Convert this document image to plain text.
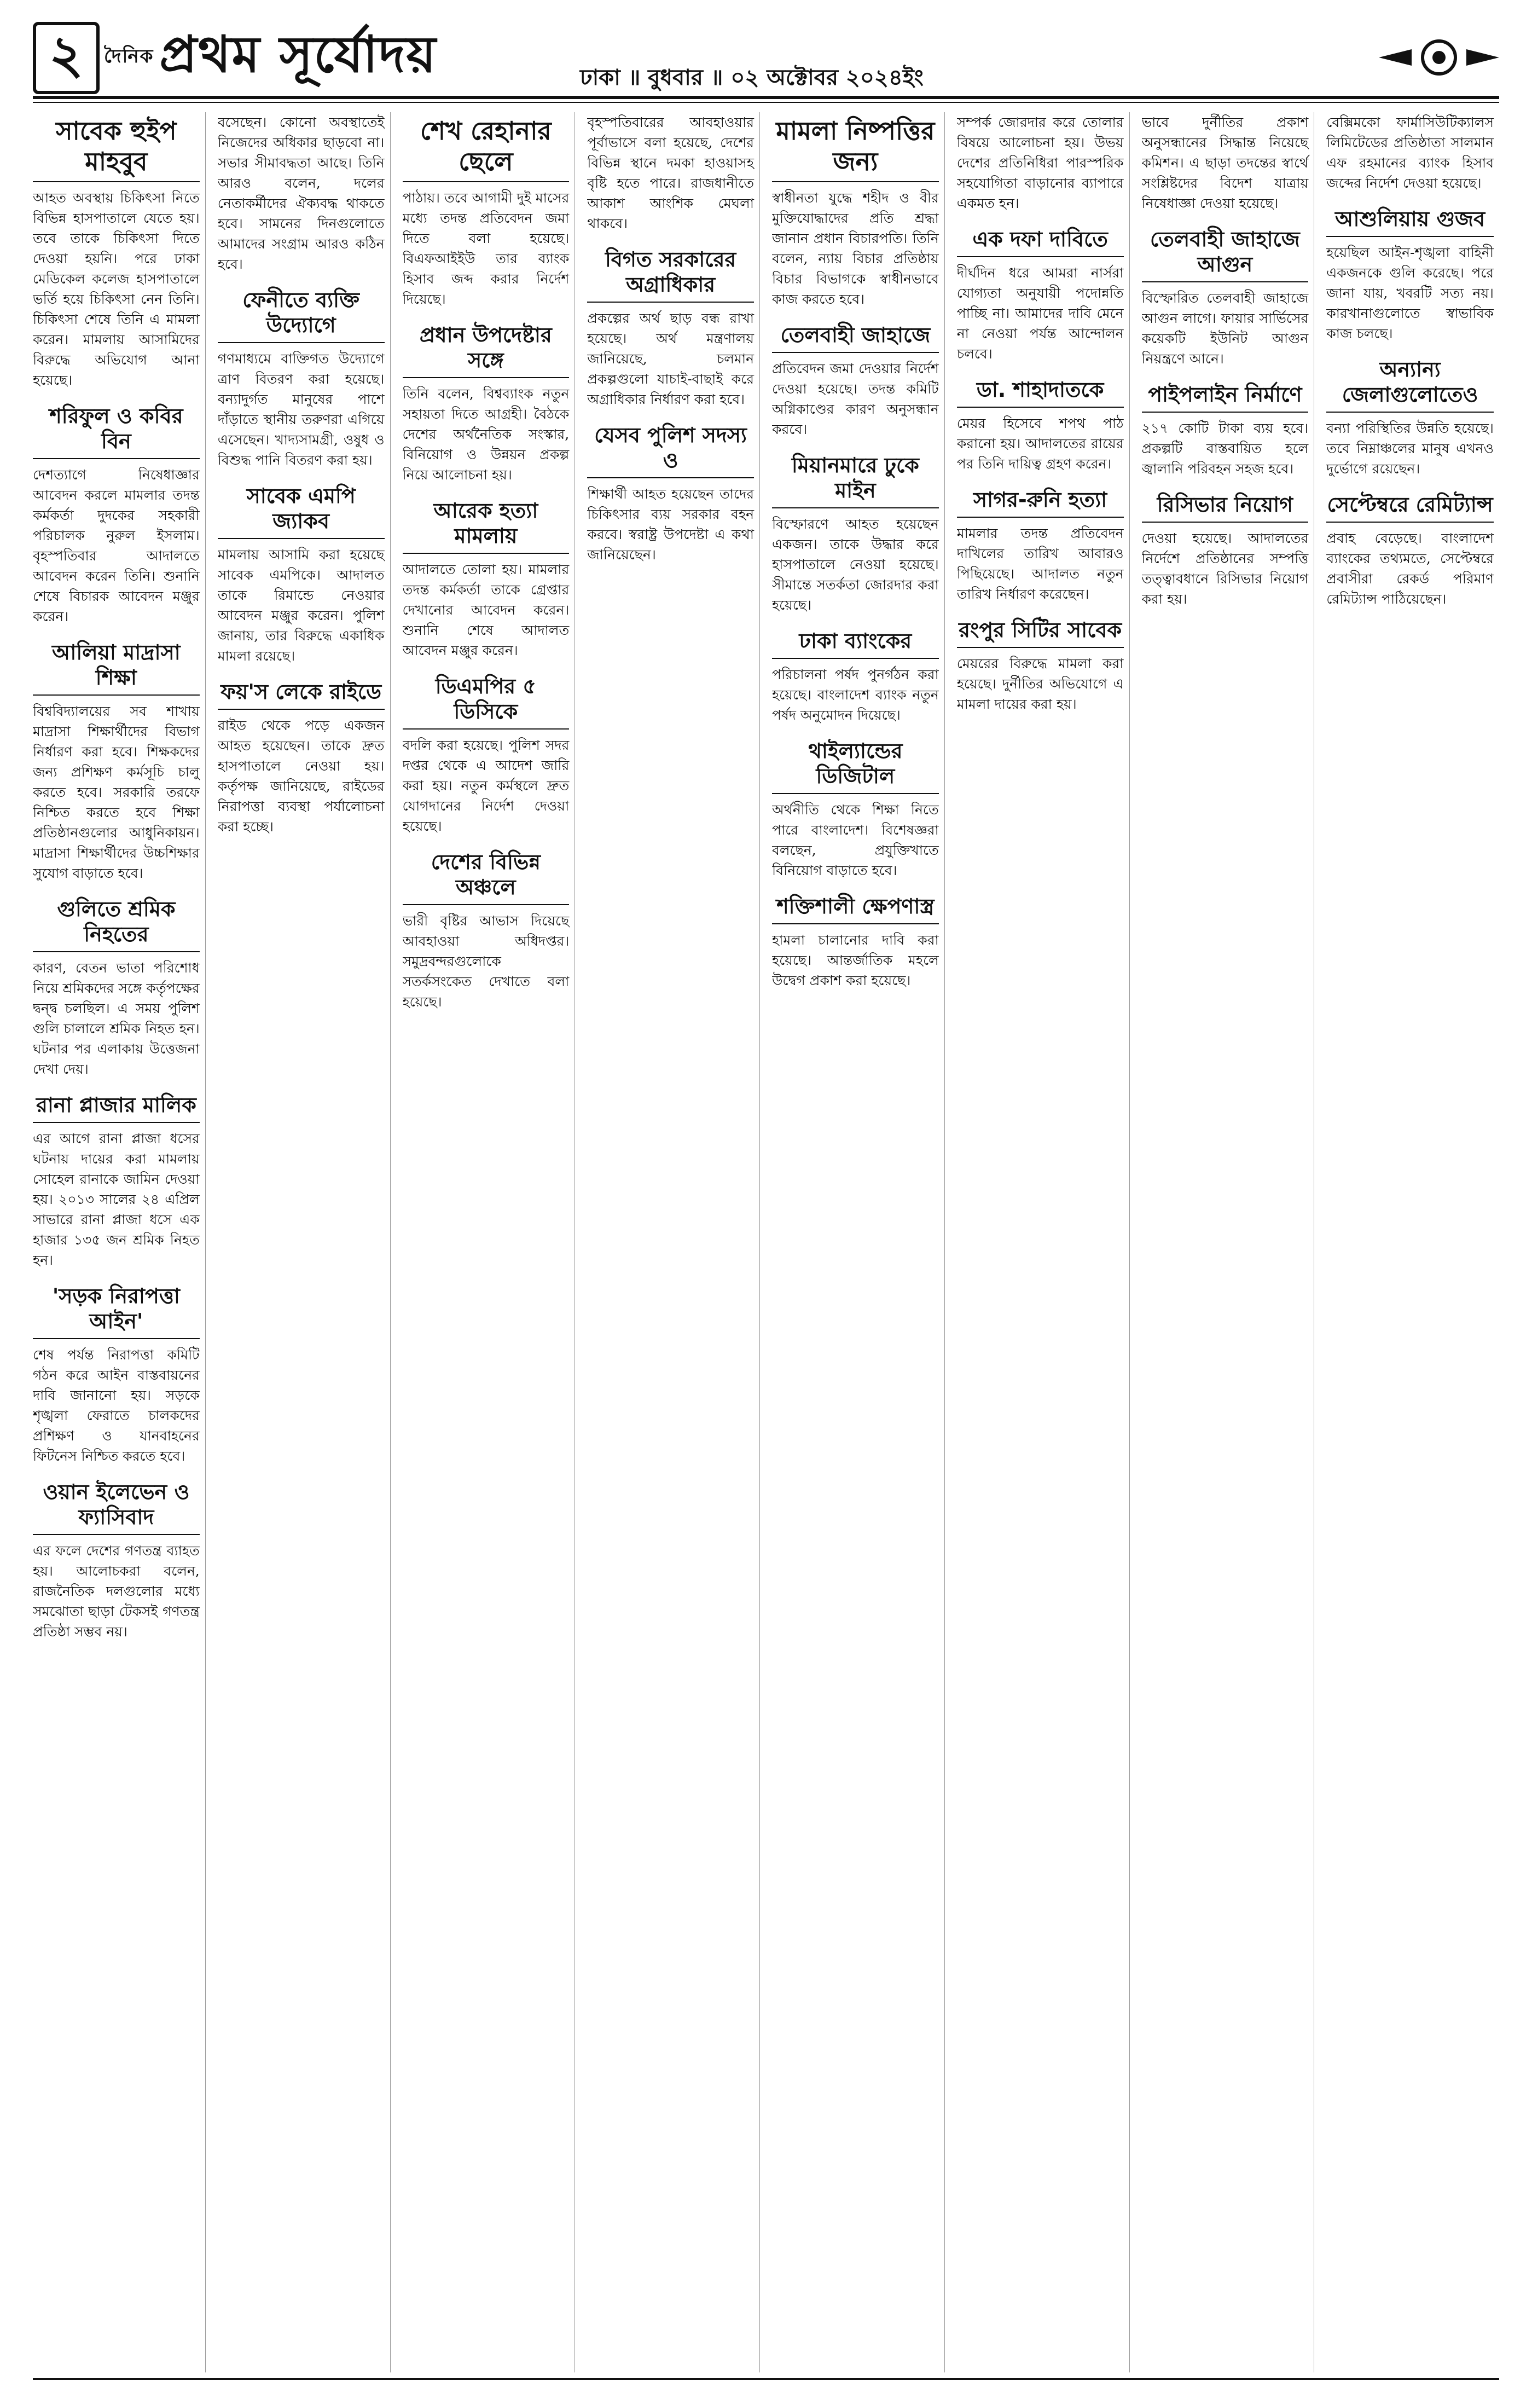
২	দৈনিক প্রথম সূর্যোদয়	ঢাকা ॥ বুধবার ॥ ০২ অক্টোবর ২০২৪ইং
সাবেক হুইপ মাহবুব

আহত অবস্থায় চিকিৎসা নিতে বিভিন্ন হাসপাতালে যেতে হয়। তবে তাকে চিকিৎসা দিতে দেওয়া হয়নি। পরে ঢাকা মেডিকেল কলেজ হাসপাতালে ভর্তি হয়ে চিকিৎসা নেন তিনি। চিকিৎসা শেষে তিনি এ মামলা করেন। মামলায় আসামিদের বিরুদ্ধে অভিযোগ আনা হয়েছে।

শরিফুল ও কবির বিন

দেশত্যাগে নিষেধাজ্ঞার আবেদন করলে মামলার তদন্ত কর্মকর্তা দুদকের সহকারী পরিচালক নুরুল ইসলাম। বৃহস্পতিবার আদালতে আবেদন করেন তিনি। শুনানি শেষে বিচারক আবেদন মঞ্জুর করেন।

আলিয়া মাদ্রাসা শিক্ষা

বিশ্ববিদ্যালয়ের সব শাখায় মাদ্রাসা শিক্ষার্থীদের বিভাগ নির্ধারণ করা হবে। শিক্ষকদের জন্য প্রশিক্ষণ কর্মসূচি চালু করতে হবে। সরকারি তরফে নিশ্চিত করতে হবে শিক্ষা প্রতিষ্ঠানগুলোর আধুনিকায়ন। মাদ্রাসা শিক্ষার্থীদের উচ্চশিক্ষার সুযোগ বাড়াতে হবে।

গুলিতে শ্রমিক নিহতের

কারণ, বেতন ভাতা পরিশোধ নিয়ে শ্রমিকদের সঙ্গে কর্তৃপক্ষের দ্বন্দ্ব চলছিল। এ সময় পুলিশ গুলি চালালে শ্রমিক নিহত হন। ঘটনার পর এলাকায় উত্তেজনা দেখা দেয়।

রানা প্লাজার মালিক

এর আগে রানা প্লাজা ধসের ঘটনায় দায়ের করা মামলায় সোহেল রানাকে জামিন দেওয়া হয়। ২০১৩ সালের ২৪ এপ্রিল সাভারে রানা প্লাজা ধসে এক হাজার ১৩৫ জন শ্রমিক নিহত হন।

'সড়ক নিরাপত্তা আইন'

শেষ পর্যন্ত নিরাপত্তা কমিটি গঠন করে আইন বাস্তবায়নের দাবি জানানো হয়। সড়কে শৃঙ্খলা ফেরাতে চালকদের প্রশিক্ষণ ও যানবাহনের ফিটনেস নিশ্চিত করতে হবে।

ওয়ান ইলেভেন ও ফ্যাসিবাদ

এর ফলে দেশের গণতন্ত্র ব্যাহত হয়। আলোচকরা বলেন, রাজনৈতিক দলগুলোর মধ্যে সমঝোতা ছাড়া টেকসই গণতন্ত্র প্রতিষ্ঠা সম্ভব নয়।

বসেছেন। কোনো অবস্থাতেই নিজেদের অধিকার ছাড়বো না। সভার সীমাবদ্ধতা আছে। তিনি আরও বলেন, দলের নেতাকর্মীদের ঐক্যবদ্ধ থাকতে হবে। সামনের দিনগুলোতে আমাদের সংগ্রাম আরও কঠিন হবে।

ফেনীতে ব্যক্তি উদ্যোগে

গণমাধ্যমে বাক্তিগত উদ্যোগে ত্রাণ বিতরণ করা হয়েছে। বন্যাদুর্গত মানুষের পাশে দাঁড়াতে স্থানীয় তরুণরা এগিয়ে এসেছেন। খাদ্যসামগ্রী, ওষুধ ও বিশুদ্ধ পানি বিতরণ করা হয়।

সাবেক এমপি জ্যাকব

মামলায় আসামি করা হয়েছে সাবেক এমপিকে। আদালত তাকে রিমান্ডে নেওয়ার আবেদন মঞ্জুর করেন। পুলিশ জানায়, তার বিরুদ্ধে একাধিক মামলা রয়েছে।

ফয়'স লেকে রাইডে

রাইড থেকে পড়ে একজন আহত হয়েছেন। তাকে দ্রুত হাসপাতালে নেওয়া হয়। কর্তৃপক্ষ জানিয়েছে, রাইডের নিরাপত্তা ব্যবস্থা পর্যালোচনা করা হচ্ছে।

শেখ রেহানার ছেলে

পাঠায়। তবে আগামী দুই মাসের মধ্যে তদন্ত প্রতিবেদন জমা দিতে বলা হয়েছে। বিএফআইইউ তার ব্যাংক হিসাব জব্দ করার নির্দেশ দিয়েছে।

প্রধান উপদেষ্টার সঙ্গে

তিনি বলেন, বিশ্বব্যাংক নতুন সহায়তা দিতে আগ্রহী। বৈঠকে দেশের অর্থনৈতিক সংস্কার, বিনিয়োগ ও উন্নয়ন প্রকল্প নিয়ে আলোচনা হয়।

আরেক হত্যা মামলায়

আদালতে তোলা হয়। মামলার তদন্ত কর্মকর্তা তাকে গ্রেপ্তার দেখানোর আবেদন করেন। শুনানি শেষে আদালত আবেদন মঞ্জুর করেন।

ডিএমপির ৫ ডিসিকে

বদলি করা হয়েছে। পুলিশ সদর দপ্তর থেকে এ আদেশ জারি করা হয়। নতুন কর্মস্থলে দ্রুত যোগদানের নির্দেশ দেওয়া হয়েছে।

দেশের বিভিন্ন অঞ্চলে

ভারী বৃষ্টির আভাস দিয়েছে আবহাওয়া অধিদপ্তর। সমুদ্রবন্দরগুলোকে সতর্কসংকেত দেখাতে বলা হয়েছে।

বৃহস্পতিবারের আবহাওয়ার পূর্বাভাসে বলা হয়েছে, দেশের বিভিন্ন স্থানে দমকা হাওয়াসহ বৃষ্টি হতে পারে। রাজধানীতে আকাশ আংশিক মেঘলা থাকবে।

বিগত সরকারের অগ্রাধিকার

প্রকল্পের অর্থ ছাড় বন্ধ রাখা হয়েছে। অর্থ মন্ত্রণালয় জানিয়েছে, চলমান প্রকল্পগুলো যাচাই-বাছাই করে অগ্রাধিকার নির্ধারণ করা হবে।

যেসব পুলিশ সদস্য ও

শিক্ষার্থী আহত হয়েছেন তাদের চিকিৎসার ব্যয় সরকার বহন করবে। স্বরাষ্ট্র উপদেষ্টা এ কথা জানিয়েছেন।

মামলা নিষ্পত্তির জন্য

স্বাধীনতা যুদ্ধে শহীদ ও বীর মুক্তিযোদ্ধাদের প্রতি শ্রদ্ধা জানান প্রধান বিচারপতি। তিনি বলেন, ন্যায় বিচার প্রতিষ্ঠায় বিচার বিভাগকে স্বাধীনভাবে কাজ করতে হবে।

তেলবাহী জাহাজে

প্রতিবেদন জমা দেওয়ার নির্দেশ দেওয়া হয়েছে। তদন্ত কমিটি অগ্নিকাণ্ডের কারণ অনুসন্ধান করবে।

মিয়ানমারে ঢুকে মাইন

বিস্ফোরণে আহত হয়েছেন একজন। তাকে উদ্ধার করে হাসপাতালে নেওয়া হয়েছে। সীমান্তে সতর্কতা জোরদার করা হয়েছে।

ঢাকা ব্যাংকের

পরিচালনা পর্ষদ পুনর্গঠন করা হয়েছে। বাংলাদেশ ব্যাংক নতুন পর্ষদ অনুমোদন দিয়েছে।

থাইল্যান্ডের ডিজিটাল

অর্থনীতি থেকে শিক্ষা নিতে পারে বাংলাদেশ। বিশেষজ্ঞরা বলছেন, প্রযুক্তিখাতে বিনিয়োগ বাড়াতে হবে।

শক্তিশালী ক্ষেপণাস্ত্র

হামলা চালানোর দাবি করা হয়েছে। আন্তর্জাতিক মহলে উদ্বেগ প্রকাশ করা হয়েছে।

সম্পর্ক জোরদার করে তোলার বিষয়ে আলোচনা হয়। উভয় দেশের প্রতিনিধিরা পারস্পরিক সহযোগিতা বাড়ানোর ব্যাপারে একমত হন।

এক দফা দাবিতে

দীর্ঘদিন ধরে আমরা নার্সরা যোগ্যতা অনুযায়ী পদোন্নতি পাচ্ছি না। আমাদের দাবি মেনে না নেওয়া পর্যন্ত আন্দোলন চলবে।

ডা. শাহাদাতকে

মেয়র হিসেবে শপথ পাঠ করানো হয়। আদালতের রায়ের পর তিনি দায়িত্ব গ্রহণ করেন।

সাগর-রুনি হত্যা

মামলার তদন্ত প্রতিবেদন দাখিলের তারিখ আবারও পিছিয়েছে। আদালত নতুন তারিখ নির্ধারণ করেছেন।

রংপুর সিটির সাবেক

মেয়রের বিরুদ্ধে মামলা করা হয়েছে। দুর্নীতির অভিযোগে এ মামলা দায়ের করা হয়।

ভাবে দুর্নীতির প্রকাশ অনুসন্ধানের সিদ্ধান্ত নিয়েছে কমিশন। এ ছাড়া তদন্তের স্বার্থে সংশ্লিষ্টদের বিদেশ যাত্রায় নিষেধাজ্ঞা দেওয়া হয়েছে।

তেলবাহী জাহাজে আগুন

বিস্ফোরিত তেলবাহী জাহাজে আগুন লাগে। ফায়ার সার্ভিসের কয়েকটি ইউনিট আগুন নিয়ন্ত্রণে আনে।

পাইপলাইন নির্মাণে

২১৭ কোটি টাকা ব্যয় হবে। প্রকল্পটি বাস্তবায়িত হলে জ্বালানি পরিবহন সহজ হবে।

রিসিভার নিয়োগ

দেওয়া হয়েছে। আদালতের নির্দেশে প্রতিষ্ঠানের সম্পত্তি তত্ত্বাবধানে রিসিভার নিয়োগ করা হয়।

বেক্সিমকো ফার্মাসিউটিক্যালস লিমিটেডের প্রতিষ্ঠাতা সালমান এফ রহমানের ব্যাংক হিসাব জব্দের নির্দেশ দেওয়া হয়েছে।

আশুলিয়ায় গুজব

হয়েছিল আইন-শৃঙ্খলা বাহিনী একজনকে গুলি করেছে। পরে জানা যায়, খবরটি সত্য নয়। কারখানাগুলোতে স্বাভাবিক কাজ চলছে।

অন্যান্য জেলাগুলোতেও

বন্যা পরিস্থিতির উন্নতি হয়েছে। তবে নিম্নাঞ্চলের মানুষ এখনও দুর্ভোগে রয়েছেন।

সেপ্টেম্বরে রেমিট্যান্স

প্রবাহ বেড়েছে। বাংলাদেশ ব্যাংকের তথ্যমতে, সেপ্টেম্বরে প্রবাসীরা রেকর্ড পরিমাণ রেমিট্যান্স পাঠিয়েছেন।
